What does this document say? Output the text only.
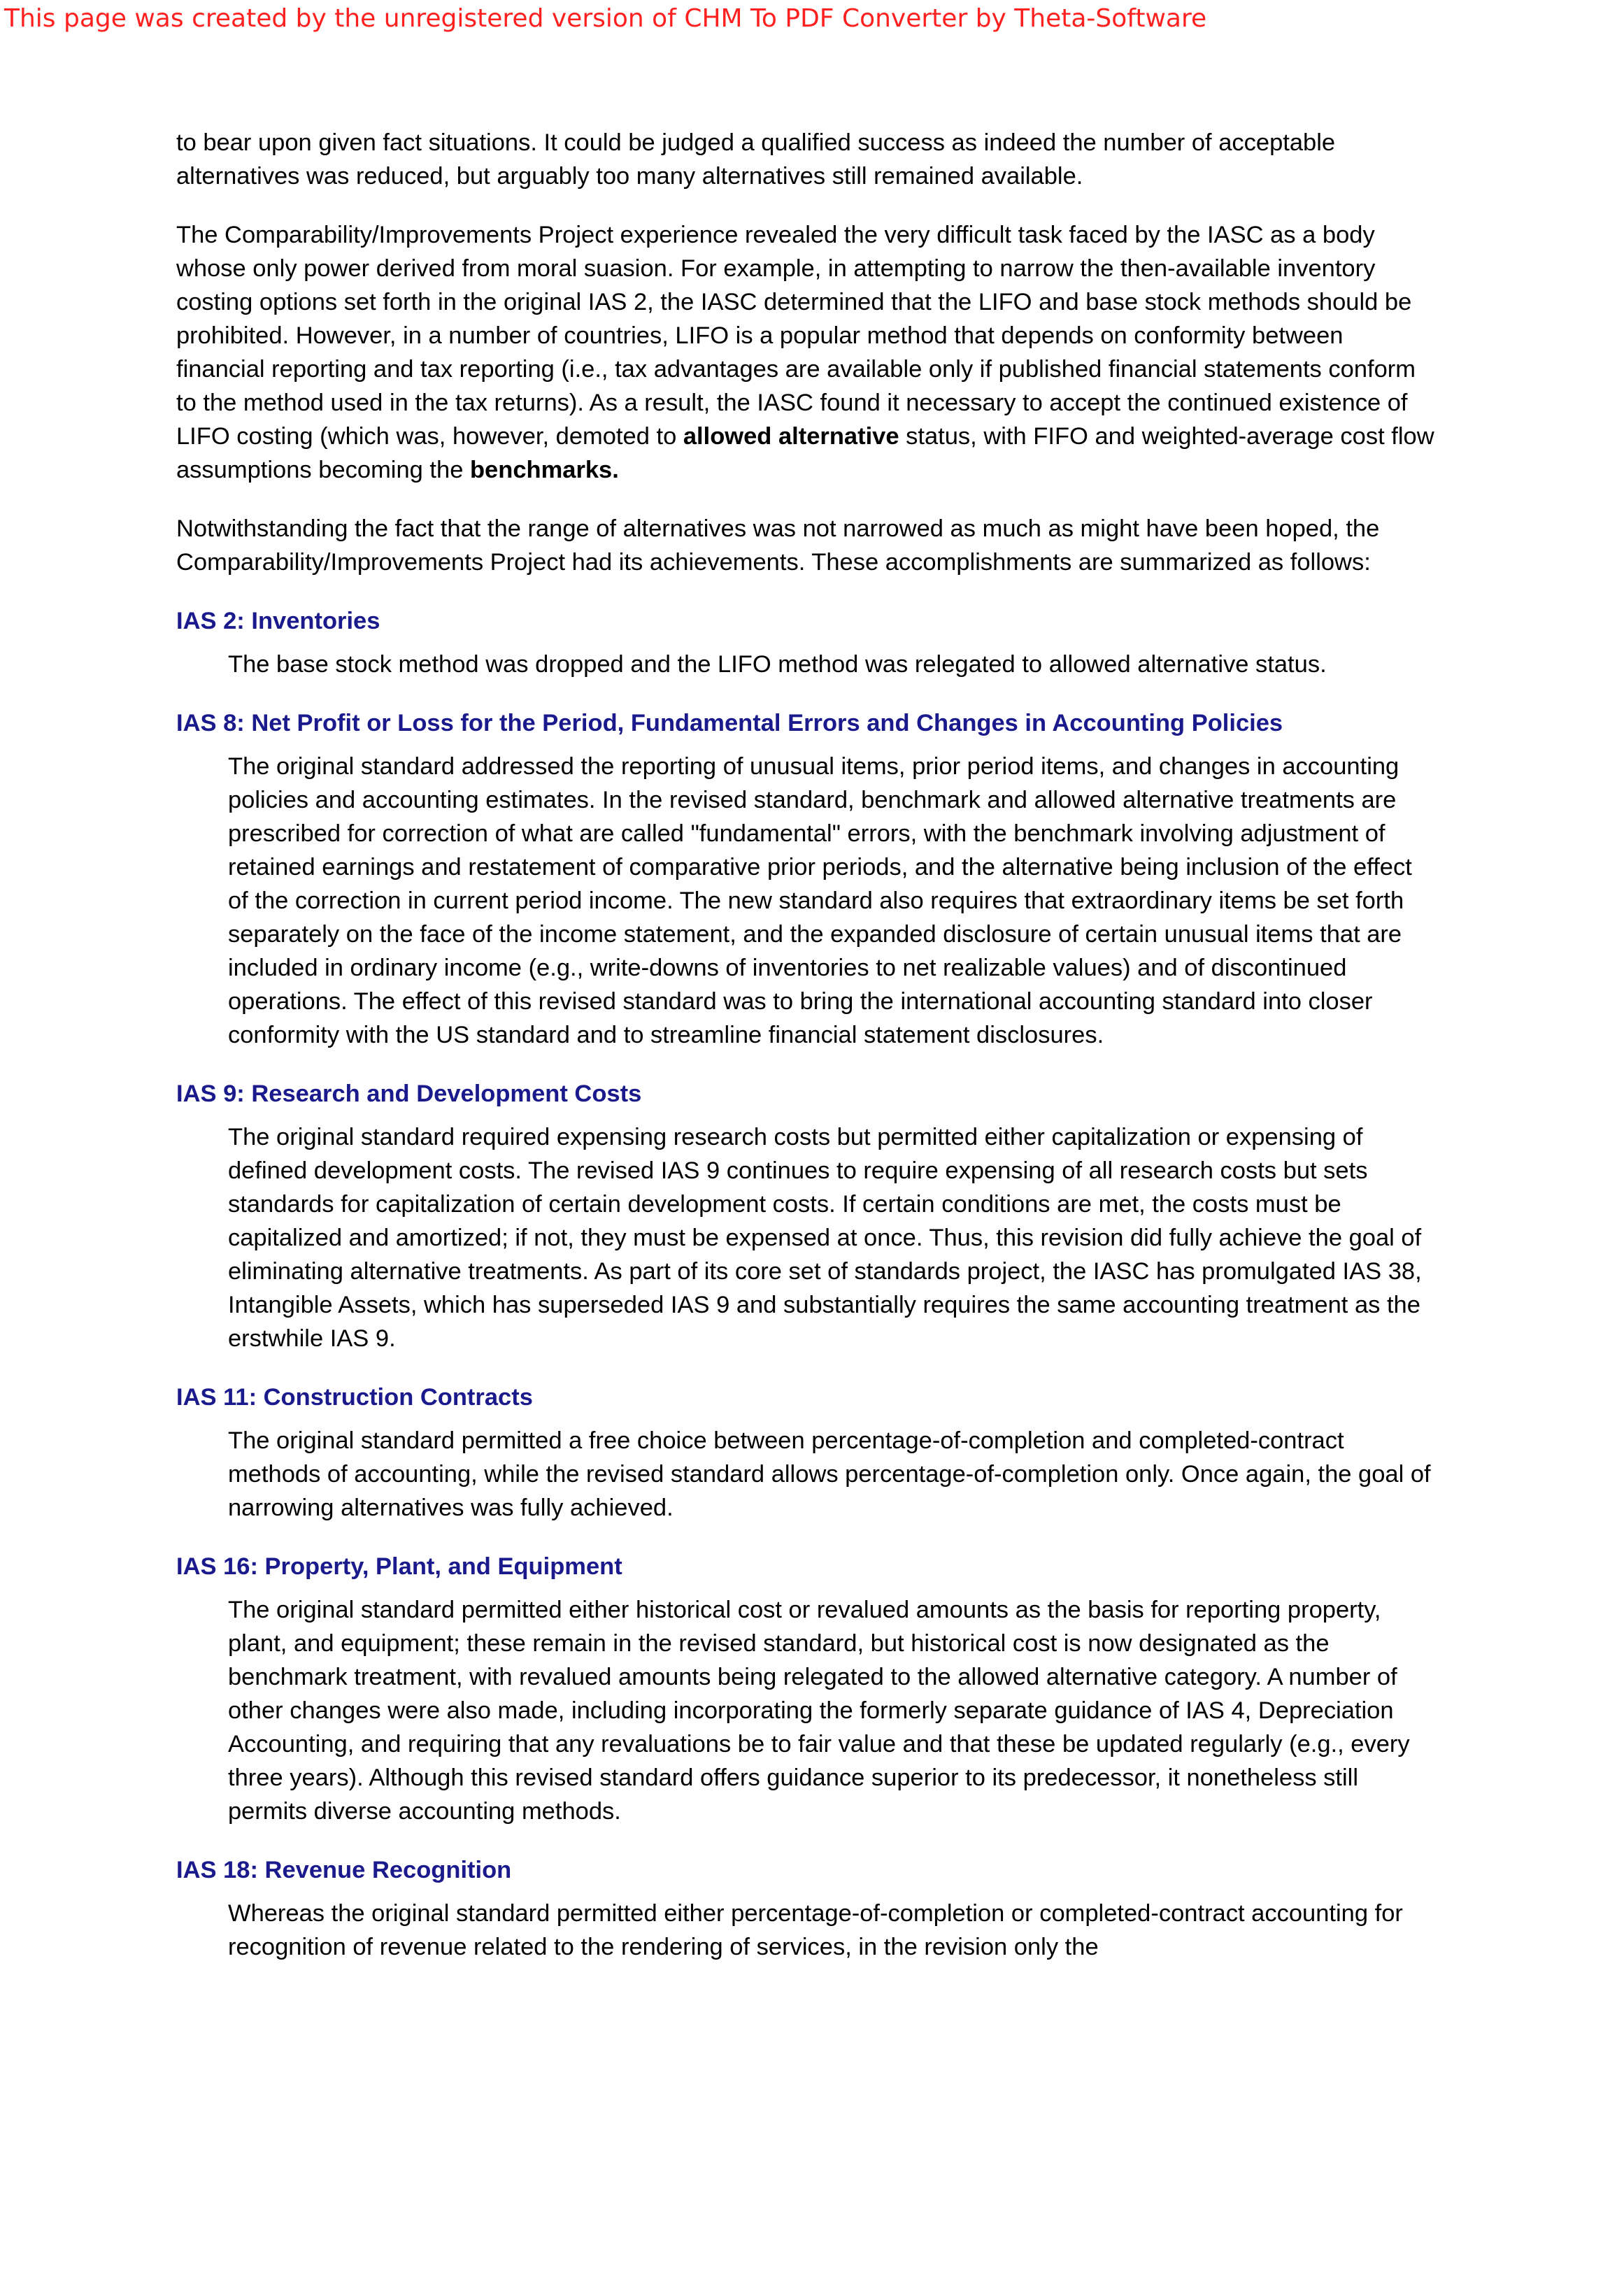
This page was created by the unregistered version of CHM To PDF Converter by Theta-Software

to bear upon given fact situations. It could be judged a qualified success as indeed the number of acceptable alternatives was reduced, but arguably too many alternatives still remained available.

The Comparability/Improvements Project experience revealed the very difficult task faced by the IASC as a body whose only power derived from moral suasion. For example, in attempting to narrow the then-available inventory costing options set forth in the original IAS 2, the IASC determined that the LIFO and base stock methods should be prohibited. However, in a number of countries, LIFO is a popular method that depends on conformity between financial reporting and tax reporting (i.e., tax advantages are available only if published financial statements conform to the method used in the tax returns). As a result, the IASC found it necessary to accept the continued existence of LIFO costing (which was, however, demoted to allowed alternative status, with FIFO and weighted-average cost flow assumptions becoming the benchmarks.

Notwithstanding the fact that the range of alternatives was not narrowed as much as might have been hoped, the Comparability/Improvements Project had its achievements. These accomplishments are summarized as follows:

IAS 2: Inventories

The base stock method was dropped and the LIFO method was relegated to allowed alternative status.

IAS 8: Net Profit or Loss for the Period, Fundamental Errors and Changes in Accounting Policies

The original standard addressed the reporting of unusual items, prior period items, and changes in accounting policies and accounting estimates. In the revised standard, benchmark and allowed alternative treatments are prescribed for correction of what are called "fundamental" errors, with the benchmark involving adjustment of retained earnings and restatement of comparative prior periods, and the alternative being inclusion of the effect of the correction in current period income. The new standard also requires that extraordinary items be set forth separately on the face of the income statement, and the expanded disclosure of certain unusual items that are included in ordinary income (e.g., write-downs of inventories to net realizable values) and of discontinued operations. The effect of this revised standard was to bring the international accounting standard into closer conformity with the US standard and to streamline financial statement disclosures.

IAS 9: Research and Development Costs

The original standard required expensing research costs but permitted either capitalization or expensing of defined development costs. The revised IAS 9 continues to require expensing of all research costs but sets standards for capitalization of certain development costs. If certain conditions are met, the costs must be capitalized and amortized; if not, they must be expensed at once. Thus, this revision did fully achieve the goal of eliminating alternative treatments. As part of its core set of standards project, the IASC has promulgated IAS 38, Intangible Assets, which has superseded IAS 9 and substantially requires the same accounting treatment as the erstwhile IAS 9.

IAS 11: Construction Contracts

The original standard permitted a free choice between percentage-of-completion and completed-contract methods of accounting, while the revised standard allows percentage-of-completion only. Once again, the goal of narrowing alternatives was fully achieved.

IAS 16: Property, Plant, and Equipment

The original standard permitted either historical cost or revalued amounts as the basis for reporting property, plant, and equipment; these remain in the revised standard, but historical cost is now designated as the benchmark treatment, with revalued amounts being relegated to the allowed alternative category. A number of other changes were also made, including incorporating the formerly separate guidance of IAS 4, Depreciation Accounting, and requiring that any revaluations be to fair value and that these be updated regularly (e.g., every three years). Although this revised standard offers guidance superior to its predecessor, it nonetheless still permits diverse accounting methods.

IAS 18: Revenue Recognition

Whereas the original standard permitted either percentage-of-completion or completed-contract accounting for recognition of revenue related to the rendering of services, in the revision only the
